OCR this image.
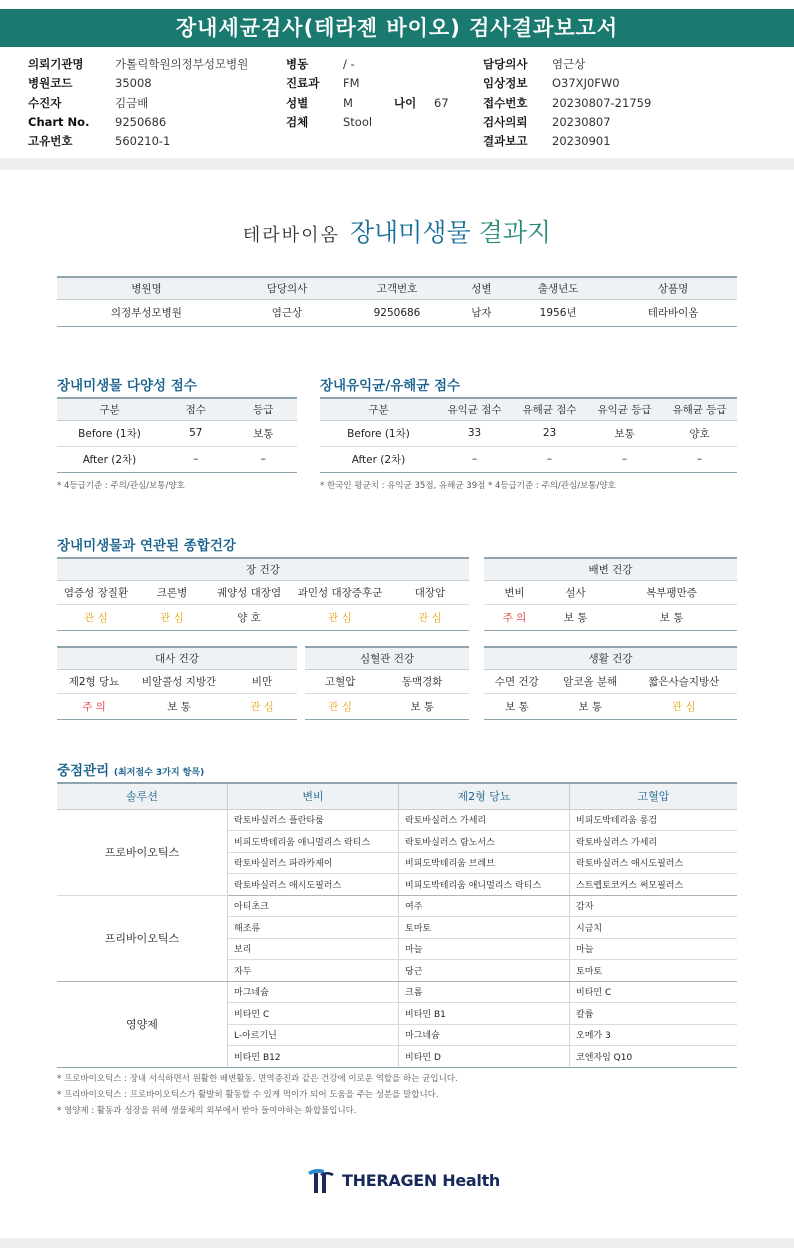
장내세균검사(테라젠 바이오) 검사결과보고서
의뢰기관명	가톨릭학원의정부성모병원
병원코드	35008
수진자	김금배
Chart No. 9250686
고유번호	560210-1
병동	/ -
진료과 FM
성별	M	나이 67
검체	Stool
담당의사 염근상
임상정보 O37XJ0FW0
접수번호 20230807-21759
검사의뢰 20230807
결과보고 20230901
테라바이옴 장내미생물 결과지
병원명	담당의사	고객번호	성별	출생년도	상품명
의정부성모병원	염근상	9250686	남자	1956년	테라바이옴
장내미생물 다양성 점수
구분	점수	등급
Before (1차)	57	보통
After (2차)	–	–
* 4등급기준 : 주의/관심/보통/양호
장내유익균/유해균 점수
구분	유익균 점수	유해균 점수	유익균 등급	유해균 등급
Before (1차)	33	23	보통	양호
After (2차)	–	–	–	–
* 한국인 평균치 : 유익균 35점, 유해균 39점 * 4등급기준 : 주의/관심/보통/양호
장내미생물과 연관된 종합건강
장 건강				
염증성 장질환	크론병	궤양성 대장염	과민성 대장증후군	대장암
관 심	관 심	양 호	관 심	관 심
배변 건강		
변비	설사	복부팽만증
주 의	보 통	보 통
대사 건강		
제2형 당뇨	비알콜성 지방간	비만
주 의	보 통	관 심
심혈관 건강	
고혈압	동맥경화
관 심	보 통
생활 건강		
수면 건강	알코올 분해	짧은사슬지방산
보 통	보 통	관 심
중점관리 (최저점수 3가지 항목)
솔루션	변비	제2형 당뇨	고혈압
프로바이오틱스	락토바실러스 플란타룸	락토바실러스 가세리	비피도박테리움 롱검
	비피도박테리움 애니멀리스 락티스	락토바실러스 람노서스	락토바실러스 가세리
	락토바실러스 파라카제이	비피도박테리움 브레브	락토바실러스 애시도필러스
	락토바실러스 애시도필러스	비피도박테리움 애니멀리스 락티스	스트렙토코커스 써모필러스
프리바이오틱스	아티초크	여주	감자
	해조류	토마토	시금치
	보리	마늘	마늘
	자두	당근	토마토
영양제	마그네슘	크롬	비타민 C
	비타민 C	비타민 B1	칼륨
	L-아르기닌	마그네슘	오메가 3
	비타민 B12	비타민 D	코엔자임 Q10
* 프로바이오틱스 : 장내 서식하면서 원활한 배변활동, 면역증진과 같은 건강에 이로운 역할을 하는 균입니다.
* 프리바이오틱스 : 프로바이오틱스가 활발히 활동할 수 있게 먹이가 되어 도움을 주는 성분을 말합니다.
* 영양제 : 활동과 성장을 위해 생물체의 외부에서 받아 들여야하는 화합물입니다.
THERAGEN Health
